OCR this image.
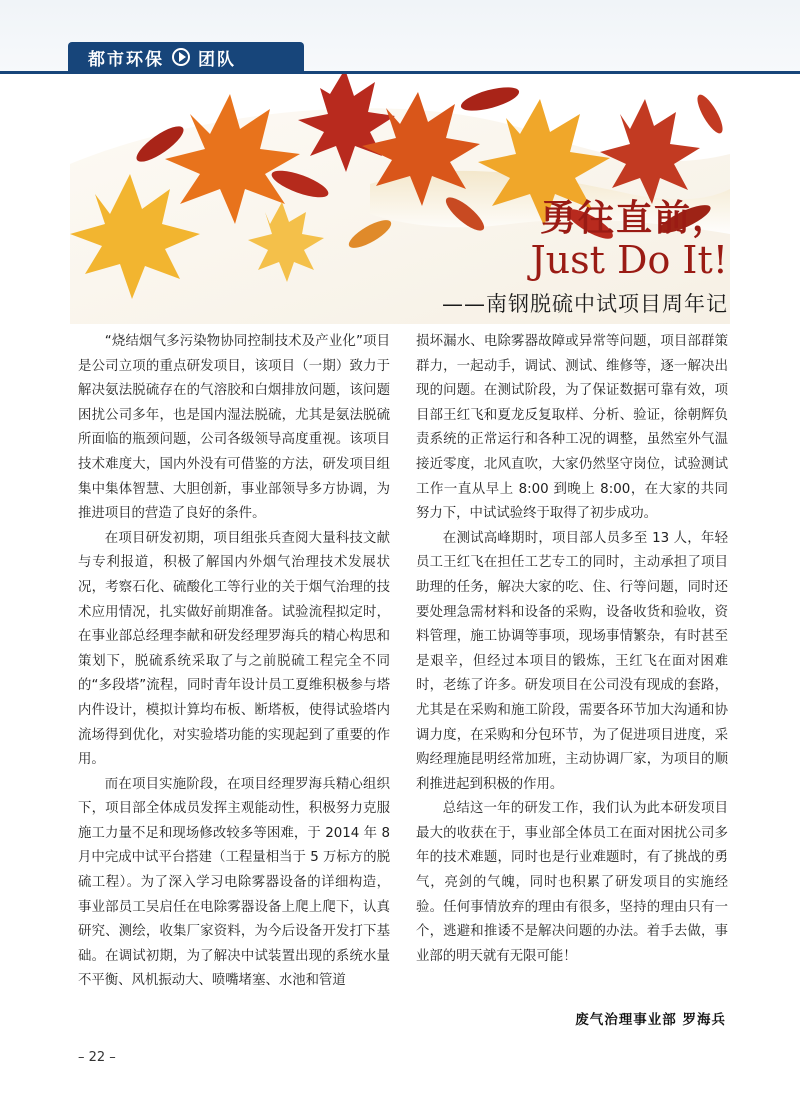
都市环保 团队
勇往直前，
Just Do It!
——南钢脱硫中试项目周年记

“烧结烟气多污染物协同控制技术及产业化”项目是公司立项的重点研发项目，该项目（一期）致力于解决氨法脱硫存在的气溶胶和白烟排放问题，该问题困扰公司多年，也是国内湿法脱硫，尤其是氨法脱硫所面临的瓶颈问题，公司各级领导高度重视。该项目技术难度大，国内外没有可借鉴的方法，研发项目组集中集体智慧、大胆创新，事业部领导多方协调，为推进项目的营造了良好的条件。

在项目研发初期，项目组张兵查阅大量科技文献与专利报道，积极了解国内外烟气治理技术发展状况，考察石化、硫酸化工等行业的关于烟气治理的技术应用情况，扎实做好前期准备。试验流程拟定时，在事业部总经理李献和研发经理罗海兵的精心构思和策划下，脱硫系统采取了与之前脱硫工程完全不同的“多段塔”流程，同时青年设计员工夏维积极参与塔内件设计，模拟计算均布板、断塔板，使得试验塔内流场得到优化，对实验塔功能的实现起到了重要的作用。

而在项目实施阶段，在项目经理罗海兵精心组织下，项目部全体成员发挥主观能动性，积极努力克服施工力量不足和现场修改较多等困难，于 2014 年 8 月中完成中试平台搭建（工程量相当于 5 万标方的脱硫工程）。为了深入学习电除雾器设备的详细构造，事业部员工吴启任在电除雾器设备上爬上爬下，认真研究、测绘，收集厂家资料，为今后设备开发打下基础。在调试初期，为了解决中试装置出现的系统水量不平衡、风机振动大、喷嘴堵塞、水池和管道

损坏漏水、电除雾器故障或异常等问题，项目部群策群力，一起动手，调试、测试、维修等，逐一解决出现的问题。在测试阶段，为了保证数据可靠有效，项目部王红飞和夏龙反复取样、分析、验证，徐朝辉负责系统的正常运行和各种工况的调整，虽然室外气温接近零度，北风直吹，大家仍然坚守岗位，试验测试工作一直从早上 8:00 到晚上 8:00，在大家的共同努力下，中试试验终于取得了初步成功。

在测试高峰期时，项目部人员多至 13 人，年轻员工王红飞在担任工艺专工的同时，主动承担了项目助理的任务，解决大家的吃、住、行等问题，同时还要处理急需材料和设备的采购，设备收货和验收，资料管理，施工协调等事项，现场事情繁杂，有时甚至是艰辛，但经过本项目的锻炼，王红飞在面对困难时，老练了许多。研发项目在公司没有现成的套路，尤其是在采购和施工阶段，需要各环节加大沟通和协调力度，在采购和分包环节，为了促进项目进度，采购经理施昆明经常加班，主动协调厂家，为项目的顺利推进起到积极的作用。

总结这一年的研发工作，我们认为此本研发项目最大的收获在于，事业部全体员工在面对困扰公司多年的技术难题，同时也是行业难题时，有了挑战的勇气，亮剑的气魄，同时也积累了研发项目的实施经验。任何事情放弃的理由有很多，坚持的理由只有一个，逃避和推诿不是解决问题的办法。着手去做，事业部的明天就有无限可能！

废气治理事业部 罗海兵
– 22 –
